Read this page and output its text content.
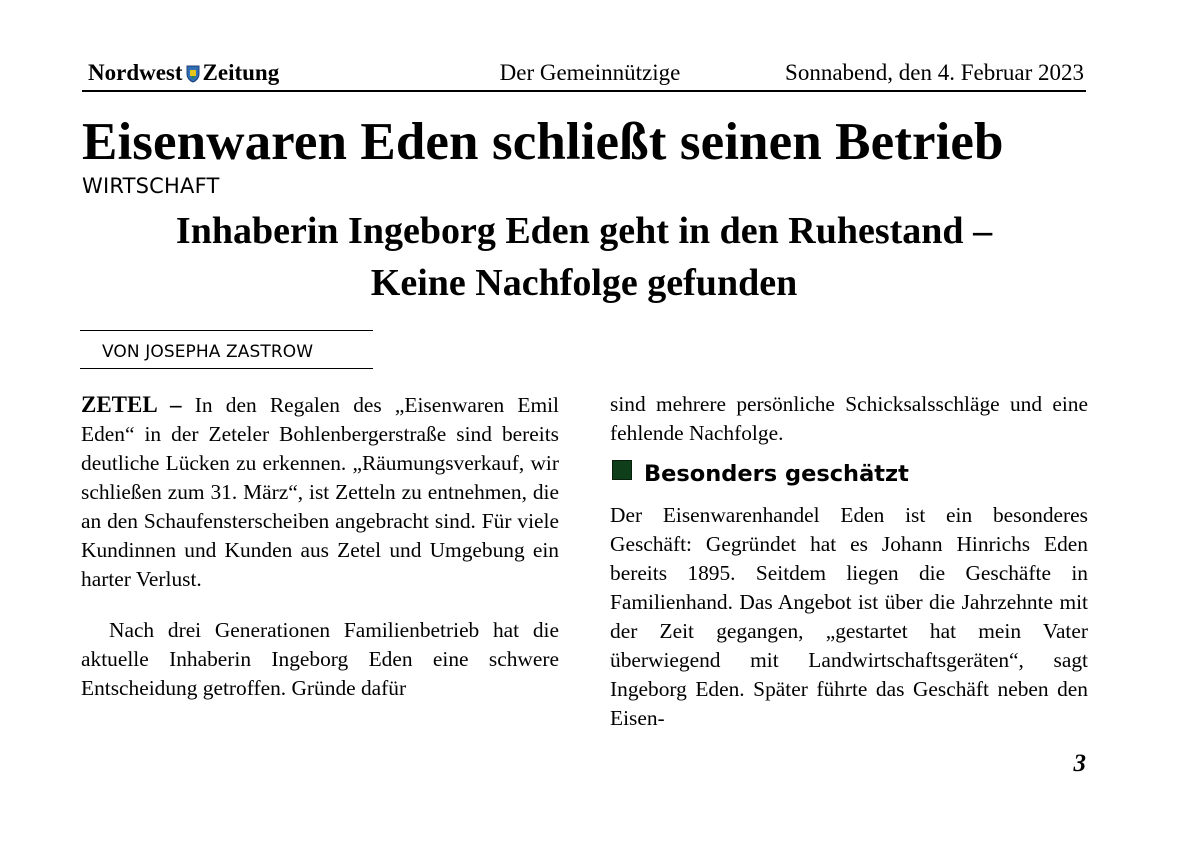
Nordwest Zeitung	Der Gemeinnützige	Sonnabend, den 4. Februar 2023
Eisenwaren Eden schließt seinen Betrieb
WIRTSCHAFT
Inhaberin Ingeborg Eden geht in den Ruhestand –
Keine Nachfolge gefunden
VON JOSEPHA ZASTROW

ZETEL – In den Regalen des „Eisenwaren Emil Eden“ in der Zeteler Bohlenbergerstraße sind bereits deutliche Lücken zu erkennen. „Räumungsverkauf, wir schließen zum 31. März“, ist Zetteln zu entnehmen, die an den Schaufensterscheiben angebracht sind. Für viele Kundinnen und Kunden aus Zetel und Umgebung ein harter Verlust.

Nach drei Generationen Familienbetrieb hat die aktuelle Inhaberin Ingeborg Eden eine schwere Entscheidung getroffen. Gründe dafür

sind mehrere persönliche Schicksalsschläge und eine fehlende Nachfolge.

Besonders geschätzt

Der Eisenwarenhandel Eden ist ein besonderes Geschäft: Gegründet hat es Johann Hinrichs Eden bereits 1895. Seitdem liegen die Geschäfte in Familienhand. Das Angebot ist über die Jahrzehnte mit der Zeit gegangen, „gestartet hat mein Vater überwiegend mit Landwirtschaftsgeräten“, sagt Ingeborg Eden. Später führte das Geschäft neben den Eisen-

3
